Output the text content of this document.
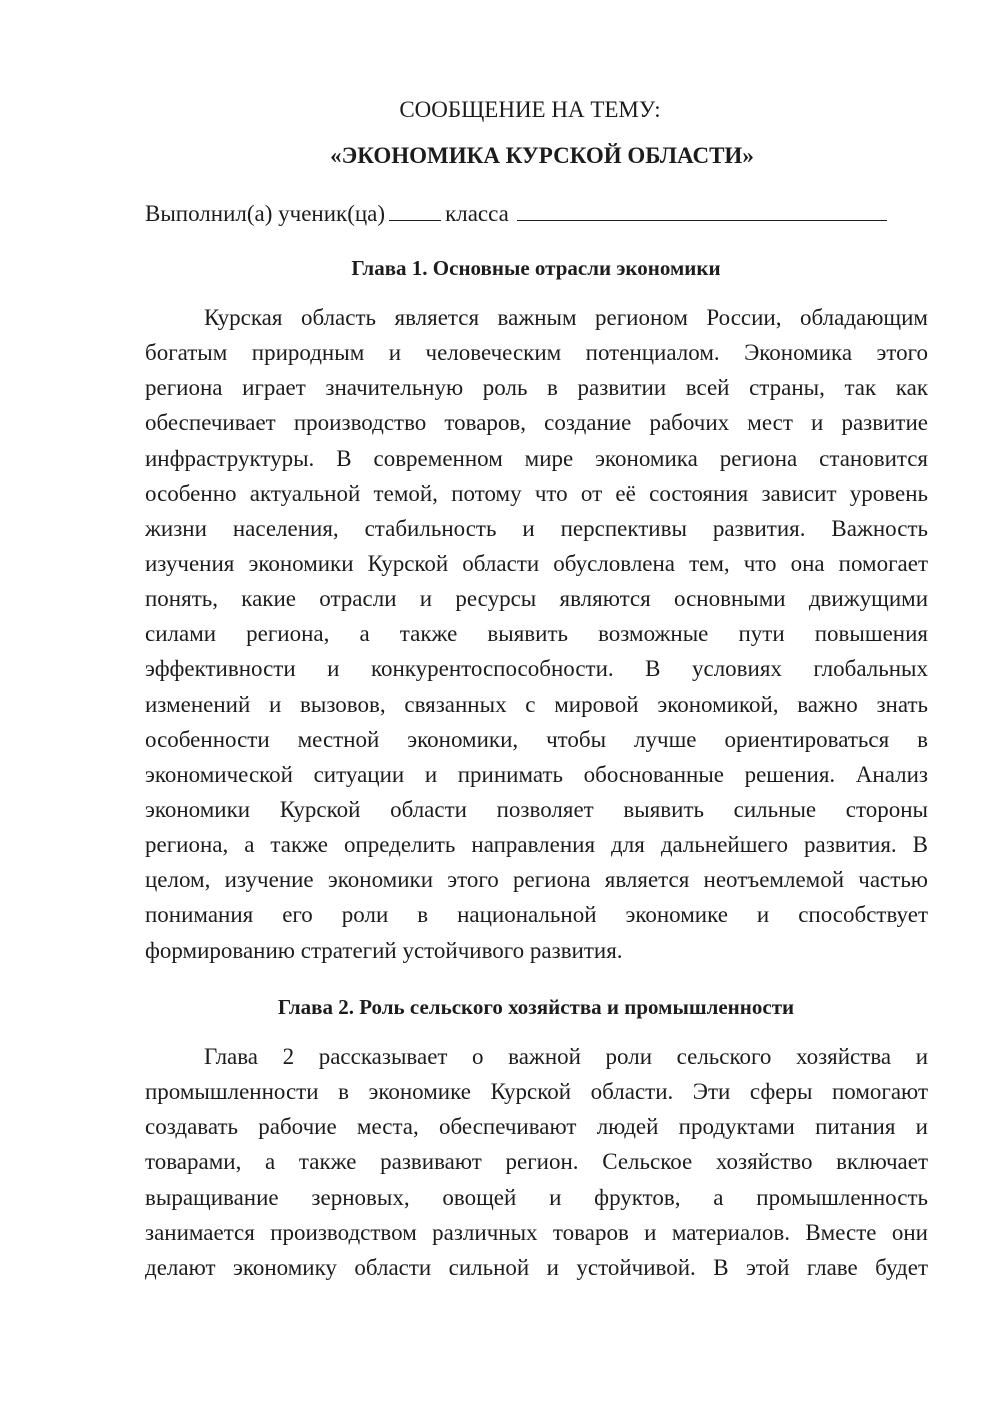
СООБЩЕНИЕ НА ТЕМУ:
«ЭКОНОМИКА КУРСКОЙ ОБЛАСТИ»
Выполнил(а) ученик(ца)	класса
Глава 1. Основные отрасли экономики
Курская область является важным регионом России, обладающим
богатым природным и человеческим потенциалом. Экономика этого
региона играет значительную роль в развитии всей страны, так как
обеспечивает производство товаров, создание рабочих мест и развитие
инфраструктуры. В современном мире экономика региона становится
особенно актуальной темой, потому что от её состояния зависит уровень
жизни населения, стабильность и перспективы развития. Важность
изучения экономики Курской области обусловлена тем, что она помогает
понять, какие отрасли и ресурсы являются основными движущими
силами региона, а также выявить возможные пути повышения
эффективности и конкурентоспособности. В условиях глобальных
изменений и вызовов, связанных с мировой экономикой, важно знать
особенности местной экономики, чтобы лучше ориентироваться в
экономической ситуации и принимать обоснованные решения. Анализ
экономики Курской области позволяет выявить сильные стороны
региона, а также определить направления для дальнейшего развития. В
целом, изучение экономики этого региона является неотъемлемой частью
понимания его роли в национальной экономике и способствует
формированию стратегий устойчивого развития.
Глава 2. Роль сельского хозяйства и промышленности
Глава 2 рассказывает о важной роли сельского хозяйства и
промышленности в экономике Курской области. Эти сферы помогают
создавать рабочие места, обеспечивают людей продуктами питания и
товарами, а также развивают регион. Сельское хозяйство включает
выращивание зерновых, овощей и фруктов, а промышленность
занимается производством различных товаров и материалов. Вместе они
делают экономику области сильной и устойчивой. В этой главе будет
